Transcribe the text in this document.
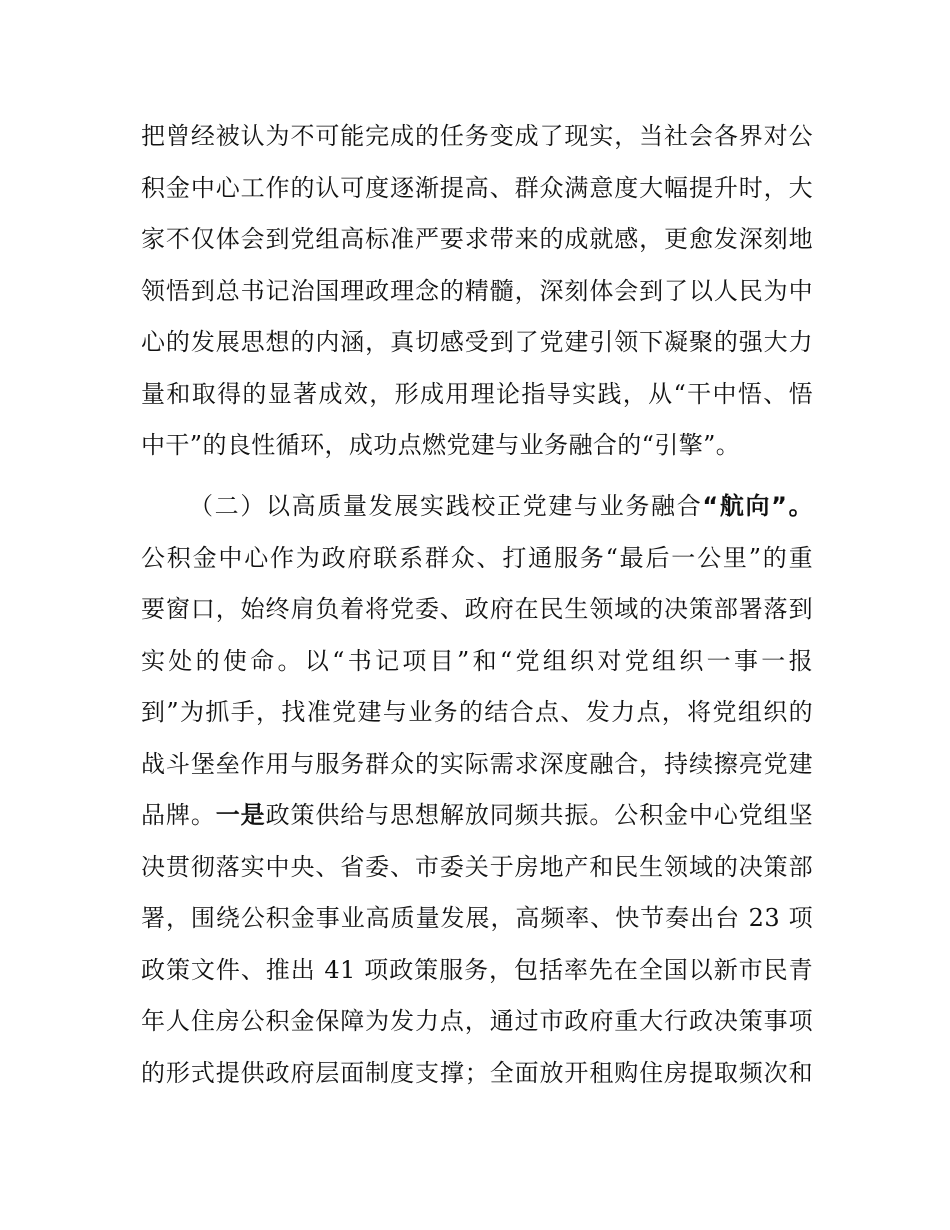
把曾经被认为不可能完成的任务变成了现实，当社会各界对公

积金中心工作的认可度逐渐提高、群众满意度大幅提升时，大

家不仅体会到党组高标准严要求带来的成就感，更愈发深刻地

领悟到总书记治国理政理念的精髓，深刻体会到了以人民为中

心的发展思想的内涵，真切感受到了党建引领下凝聚的强大力

量和取得的显著成效，形成用理论指导实践，从“干中悟、悟

中干”的良性循环，成功点燃党建与业务融合的“引擎”。

（二）以高质量发展实践校正党建与业务融合“航向”。

公积金中心作为政府联系群众、打通服务“最后一公里”的重

要窗口，始终肩负着将党委、政府在民生领域的决策部署落到

实处的使命。以“书记项目”和“党组织对党组织一事一报

到”为抓手，找准党建与业务的结合点、发力点，将党组织的

战斗堡垒作用与服务群众的实际需求深度融合，持续擦亮党建

品牌。一是政策供给与思想解放同频共振。公积金中心党组坚

决贯彻落实中央、省委、市委关于房地产和民生领域的决策部

署，围绕公积金事业高质量发展，高频率、快节奏出台 23 项

政策文件、推出 41 项政策服务，包括率先在全国以新市民青

年人住房公积金保障为发力点，通过市政府重大行政决策事项

的形式提供政府层面制度支撑；全面放开租购住房提取频次和
